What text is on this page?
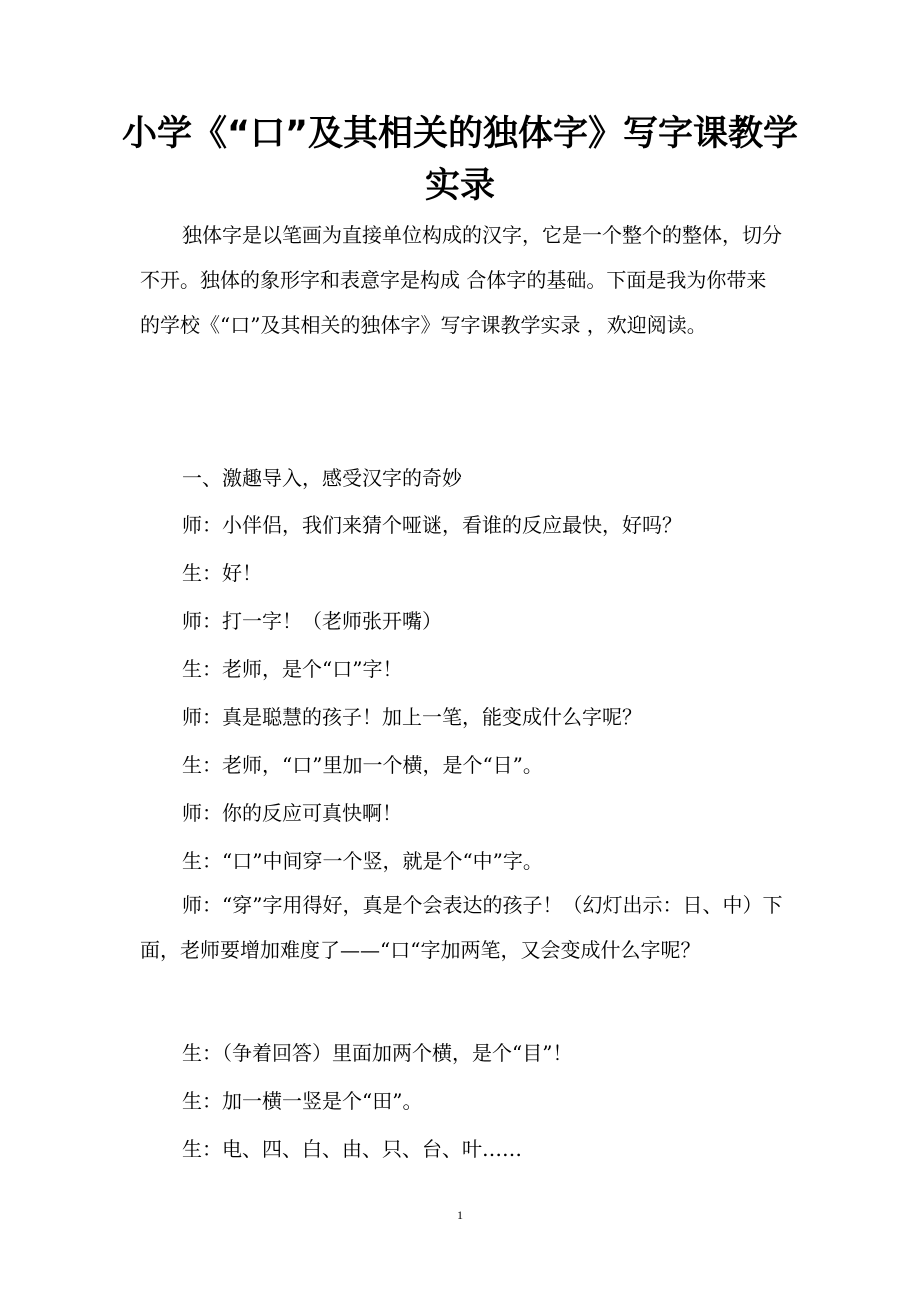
小学《“口”及其相关的独体字》写字课教学实录

独体字是以笔画为直接单位构成的汉字，它是一个整个的整体，切分不开。独体的象形字和表意字是构成 合体字的基础。下面是我为你带来的学校《“口”及其相关的独体字》写字课教学实录 ，欢迎阅读。

一、激趣导入，感受汉字的奇妙
师：小伴侣，我们来猜个哑谜，看谁的反应最快，好吗？
生：好！
师：打一字！（老师张开嘴）
生：老师，是个“口”字！
师：真是聪慧的孩子！加上一笔，能变成什么字呢？
生：老师，“口”里加一个横，是个“日”。
师：你的反应可真快啊！
生：“口”中间穿一个竖，就是个“中”字。

师：“穿”字用得好，真是个会表达的孩子！（幻灯出示：日、中）下面，老师要增加难度了——“口“字加两笔，又会变成什么字呢？

生：（争着回答）里面加两个横，是个“目”！
生：加一横一竖是个“田”。
生：电、四、白、由、只、台、叶……
1
